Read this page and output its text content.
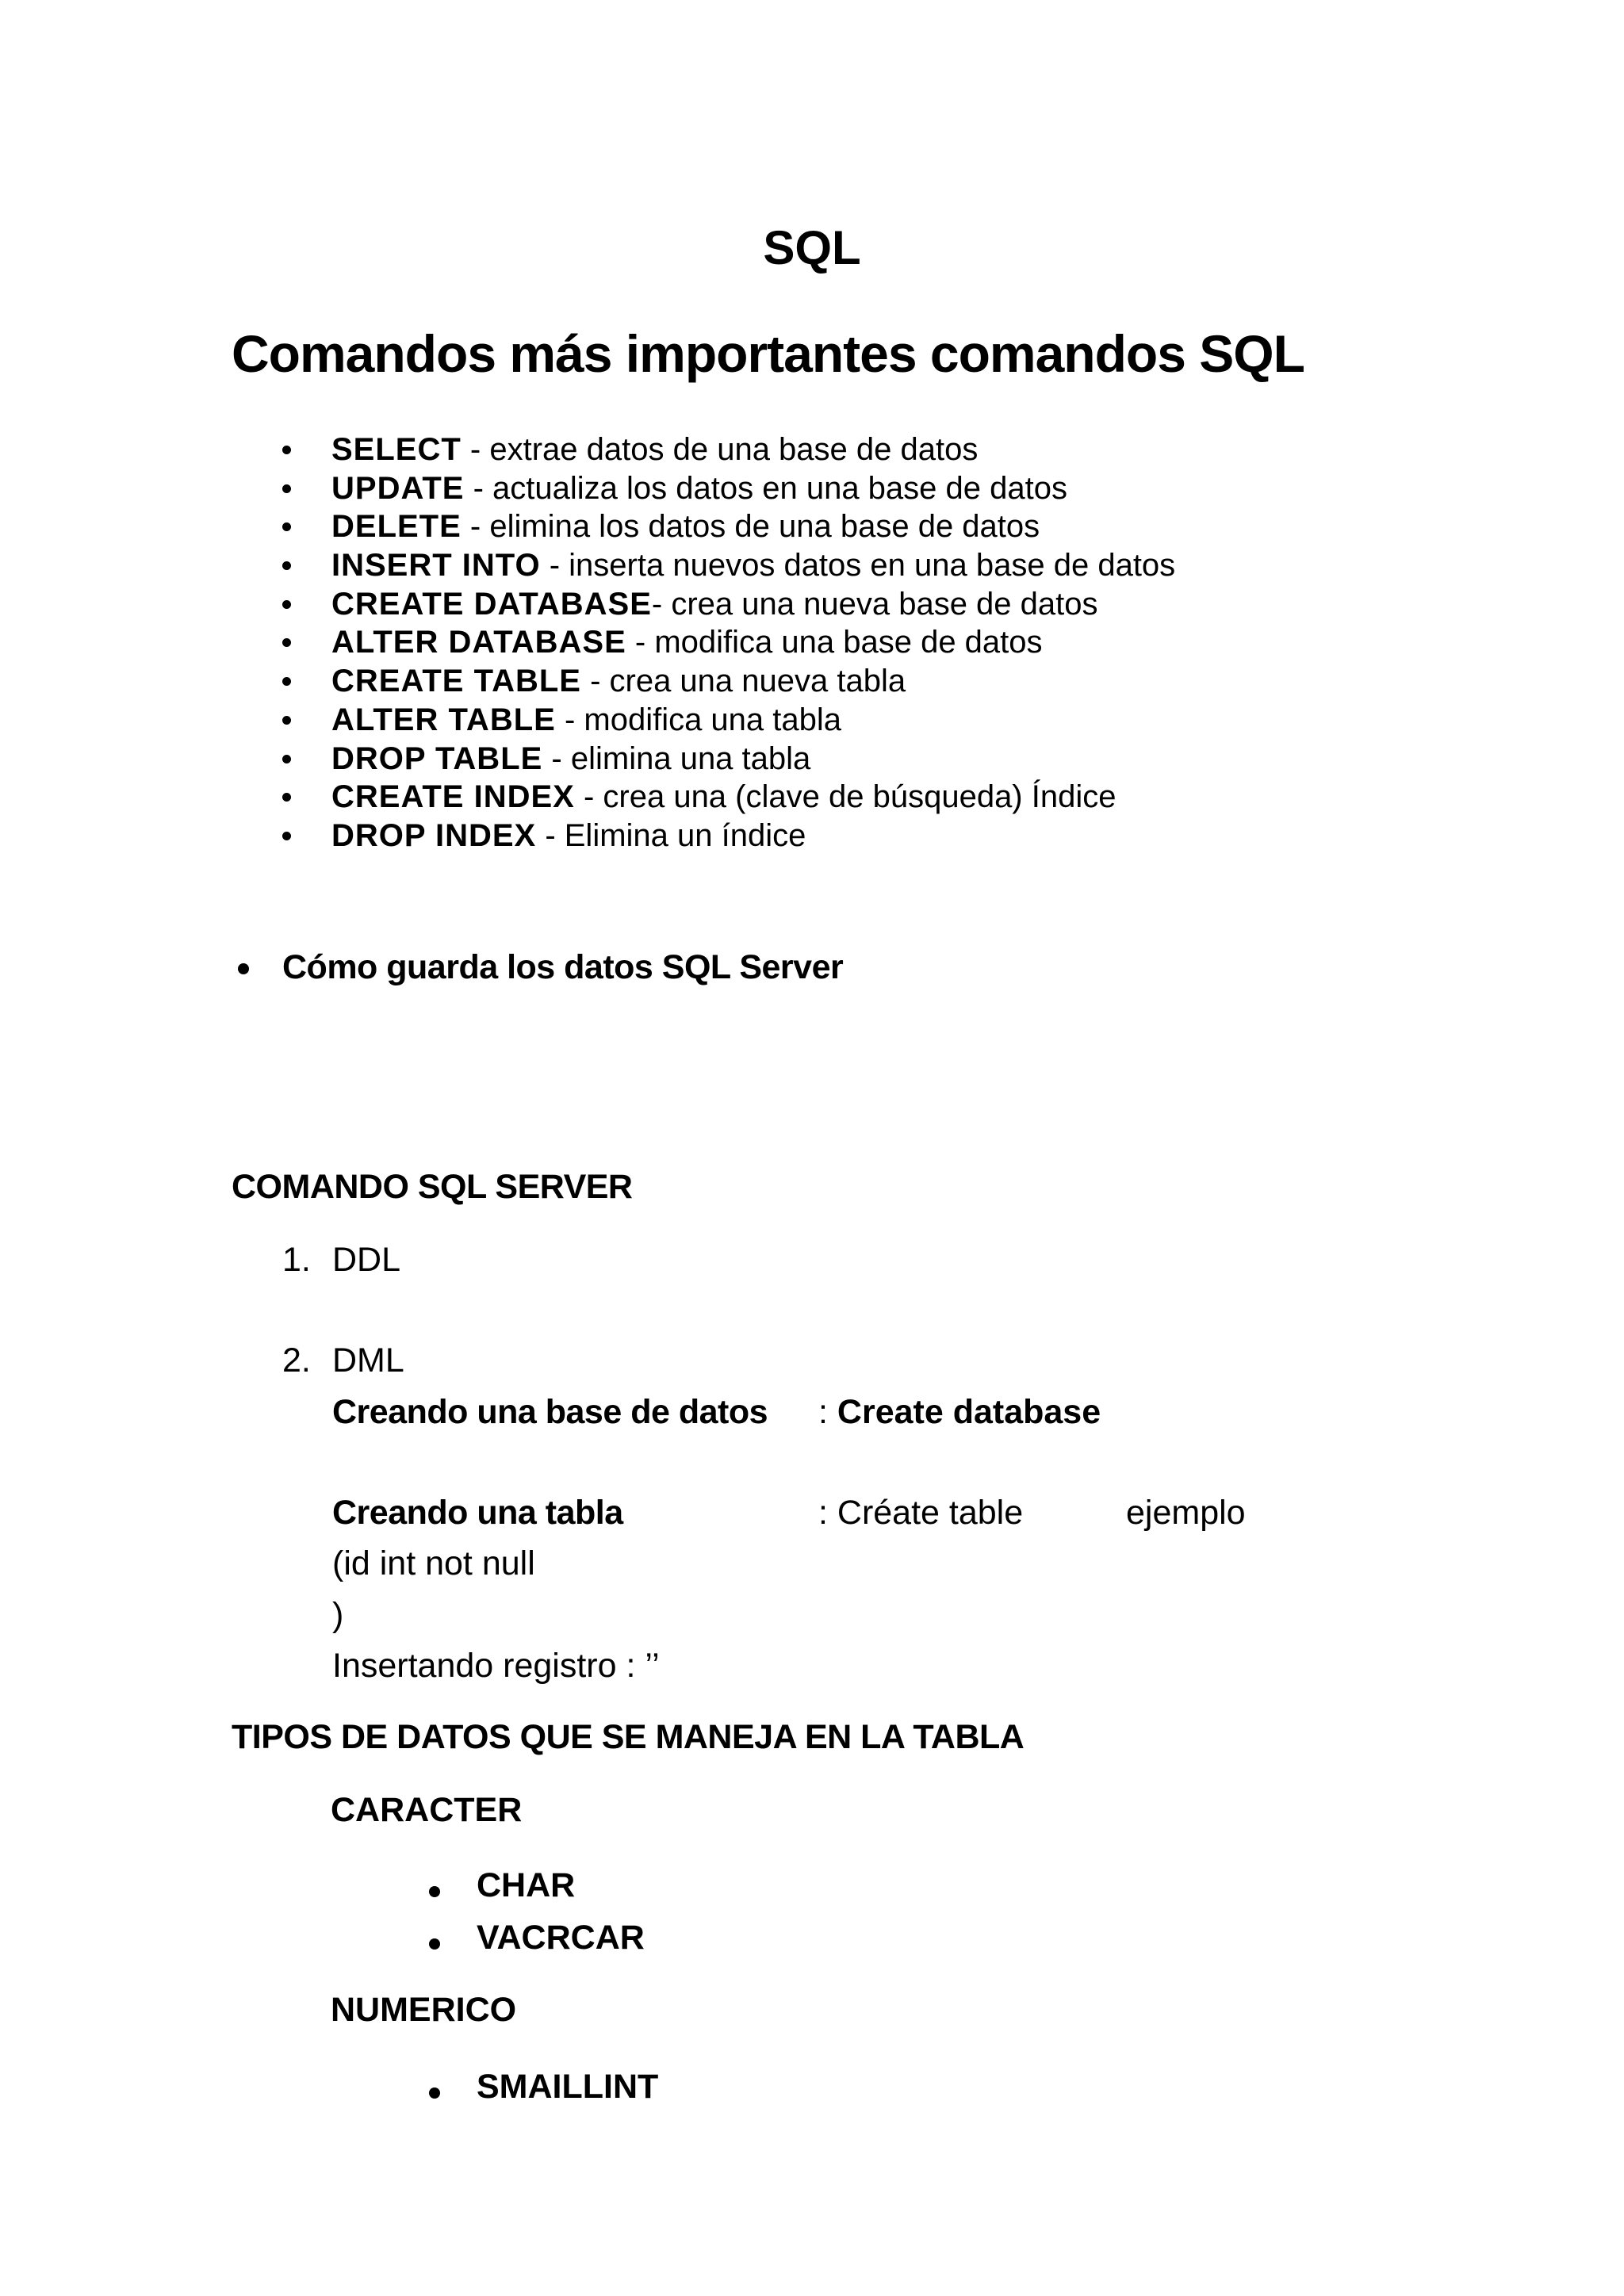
SQL
Comandos más importantes comandos SQL
SELECT - extrae datos de una base de datos
UPDATE - actualiza los datos en una base de datos
DELETE - elimina los datos de una base de datos
INSERT INTO - inserta nuevos datos en una base de datos
CREATE DATABASE- crea una nueva base de datos
ALTER DATABASE - modifica una base de datos
CREATE TABLE - crea una nueva tabla
ALTER TABLE - modifica una tabla
DROP TABLE - elimina una tabla
CREATE INDEX - crea una (clave de búsqueda) Índice
DROP INDEX - Elimina un índice
Cómo guarda los datos SQL Server
COMANDO SQL SERVER
1. DDL
2. DML
Creando una base de datos : Create database
Creando una tabla	: Créate table	ejemplo
(id int not null
)
Insertando registro : ’’
TIPOS DE DATOS QUE SE MANEJA EN LA TABLA
CARACTER
CHAR
VACRCAR
NUMERICO
SMAILLINT
